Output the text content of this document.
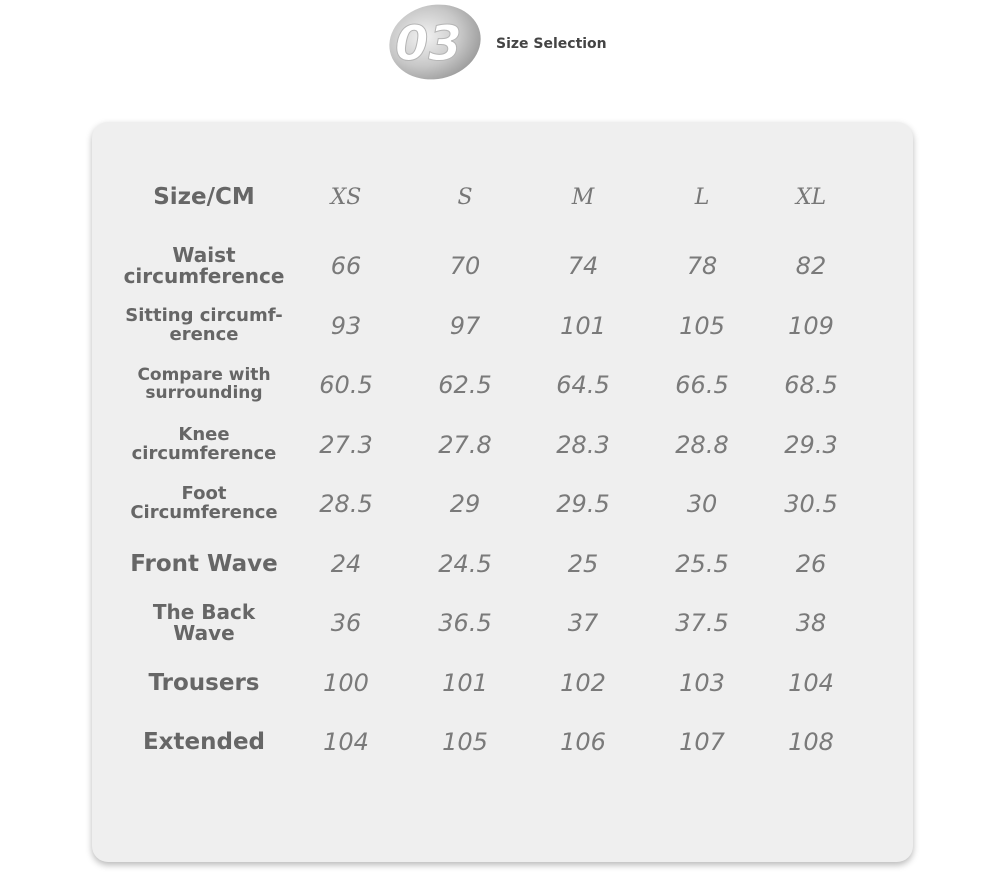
03 Size Selection
Size/CM	XS	S	M	L	XL
Waist circumference	66	70	74	78	82
Sitting circumf- erence	93	97	101	105	109
Compare with surrounding	60.5	62.5	64.5	66.5	68.5
Knee circumference	27.3	27.8	28.3	28.8	29.3
Foot Circumference	28.5	29	29.5	30	30.5
Front Wave	24	24.5	25	25.5	26
The Back Wave	36	36.5	37	37.5	38
Trousers	100	101	102	103	104
Extended	104	105	106	107	108
